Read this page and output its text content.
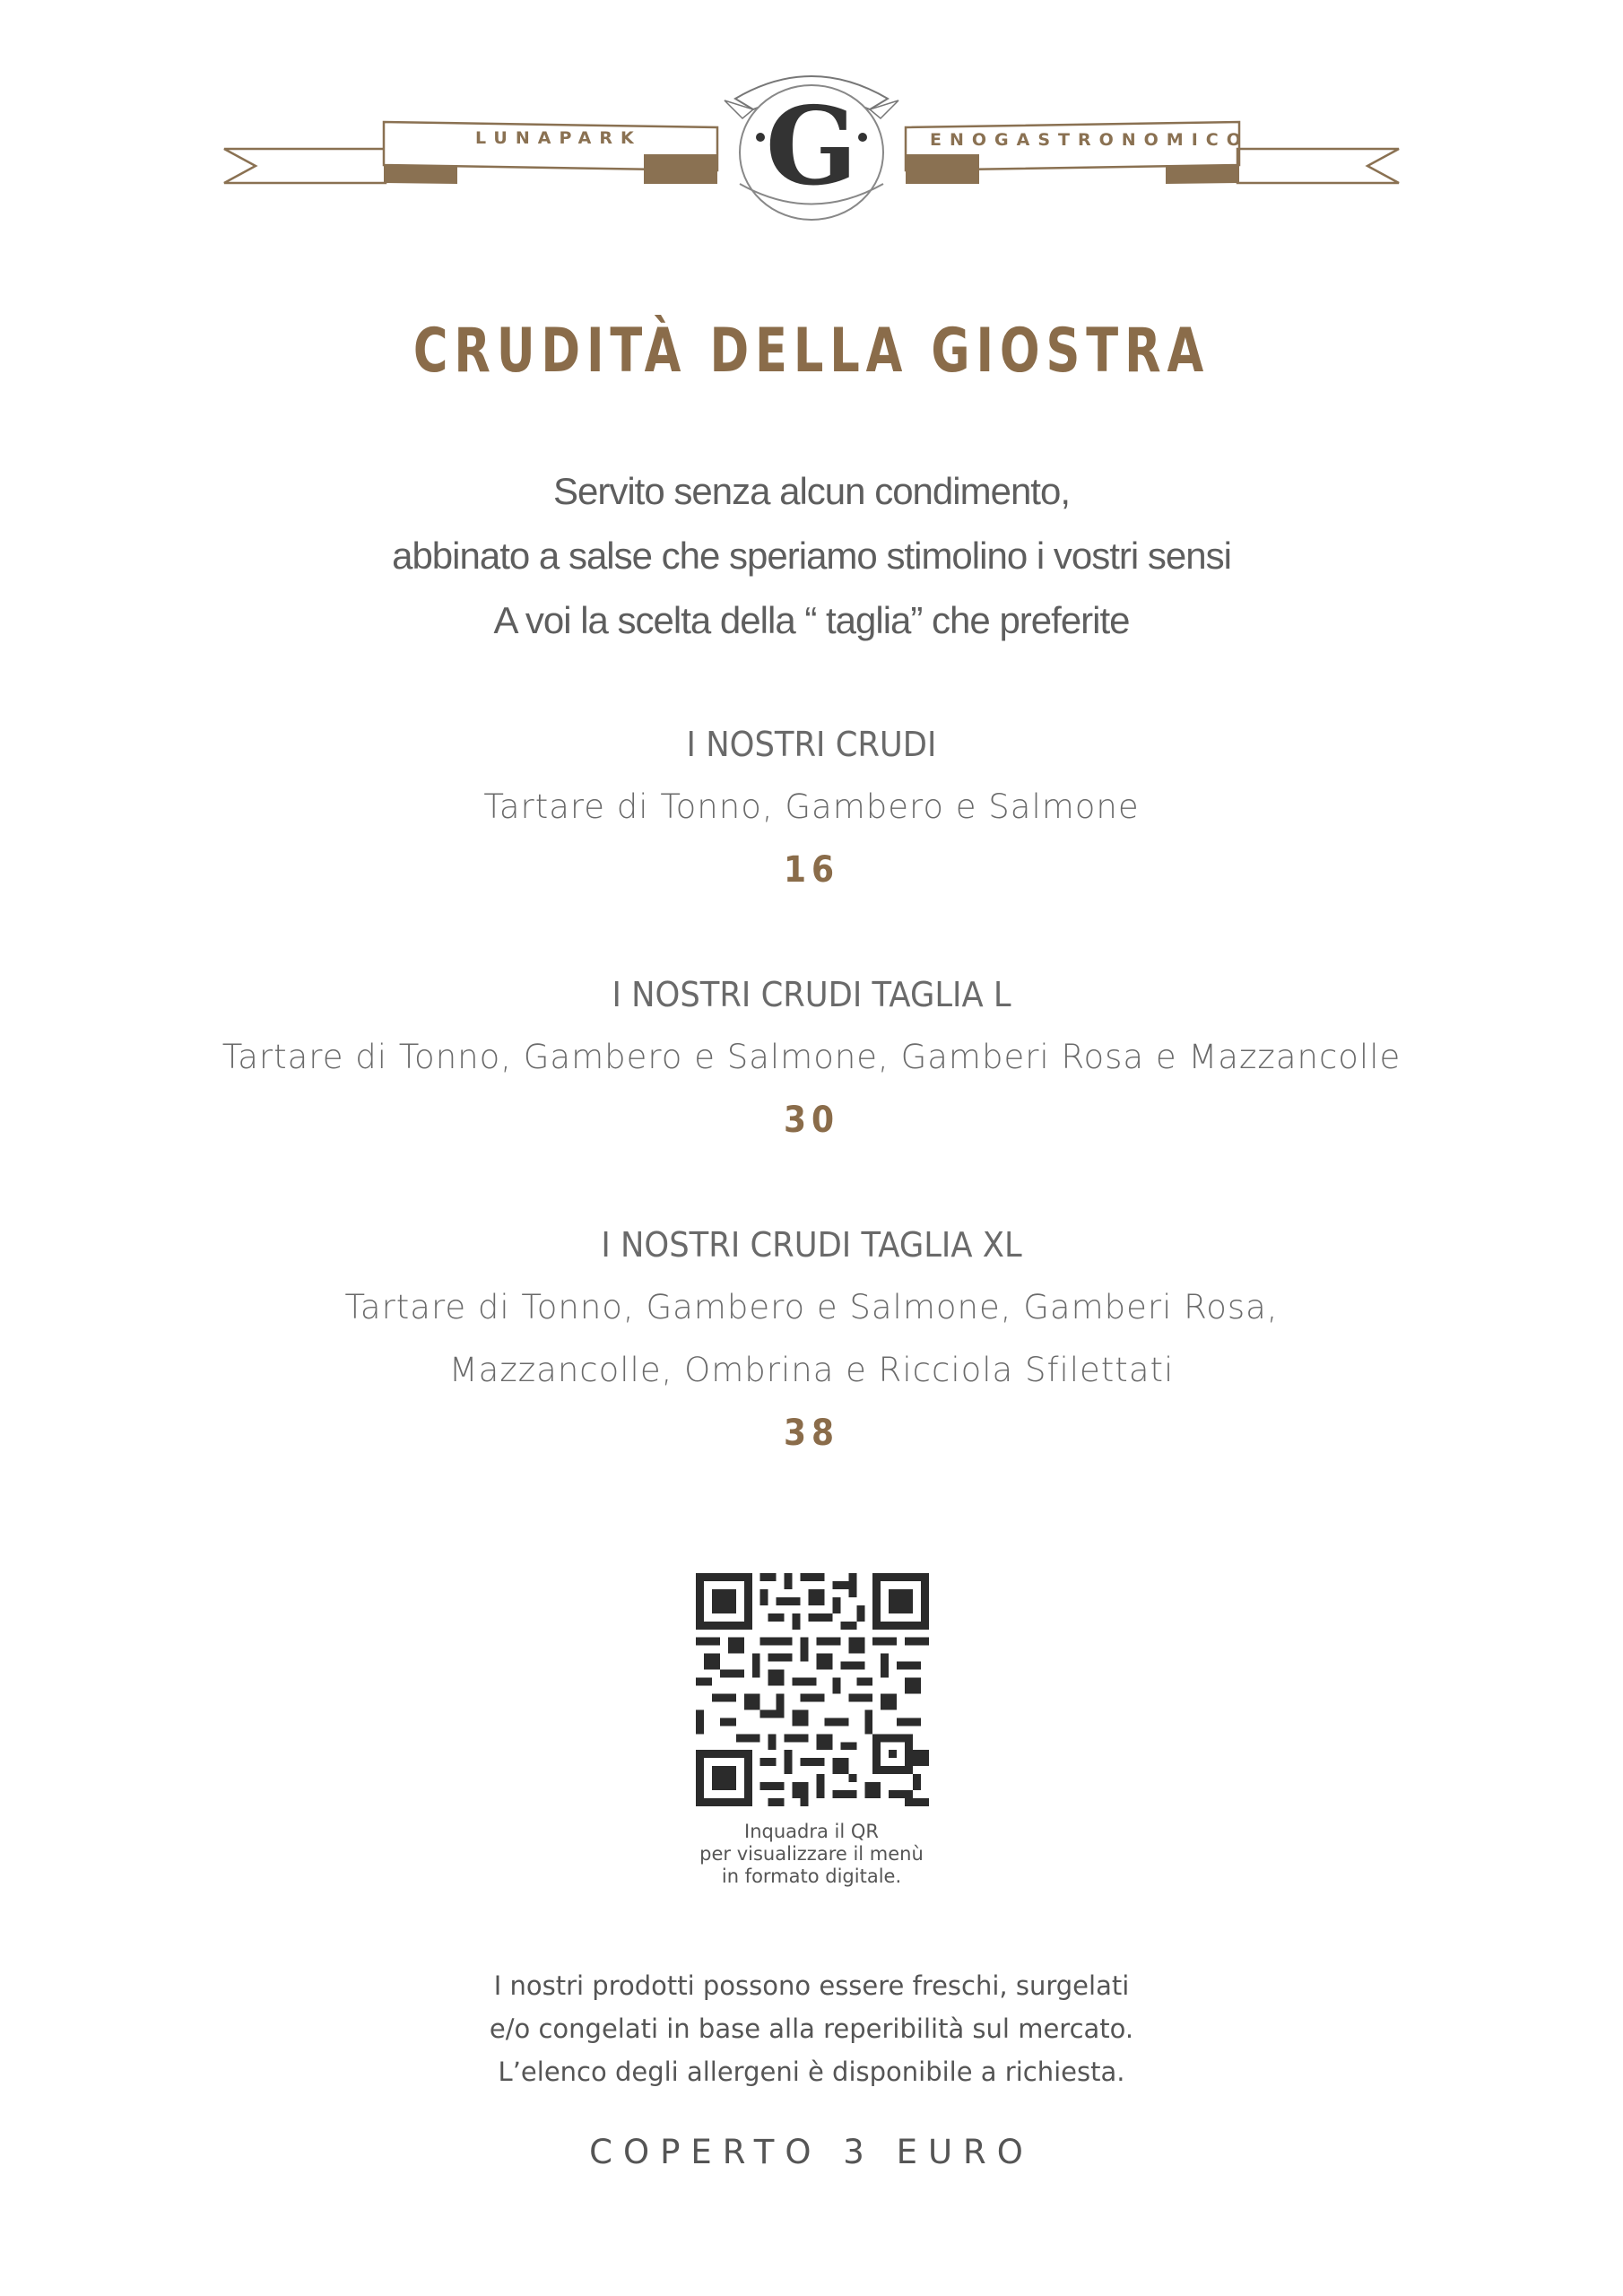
G
LUNAPARK	ENOGASTRONOMICO
CRUDITÀ DELLA GIOSTRA
Servito senza alcun condimento,
abbinato a salse che speriamo stimolino i vostri sensi
A voi la scelta della “ taglia” che preferite
I NOSTRI CRUDI
Tartare di Tonno, Gambero e Salmone
16
I NOSTRI CRUDI TAGLIA L
Tartare di Tonno, Gambero e Salmone, Gamberi Rosa e Mazzancolle
30
I NOSTRI CRUDI TAGLIA XL
Tartare di Tonno, Gambero e Salmone, Gamberi Rosa,
Mazzancolle, Ombrina e Ricciola Sfilettati
38
Inquadra il QR
per visualizzare il menù
in formato digitale.
I nostri prodotti possono essere freschi, surgelati
e/o congelati in base alla reperibilità sul mercato.
L’elenco degli allergeni è disponibile a richiesta.
COPERTO 3 EURO
